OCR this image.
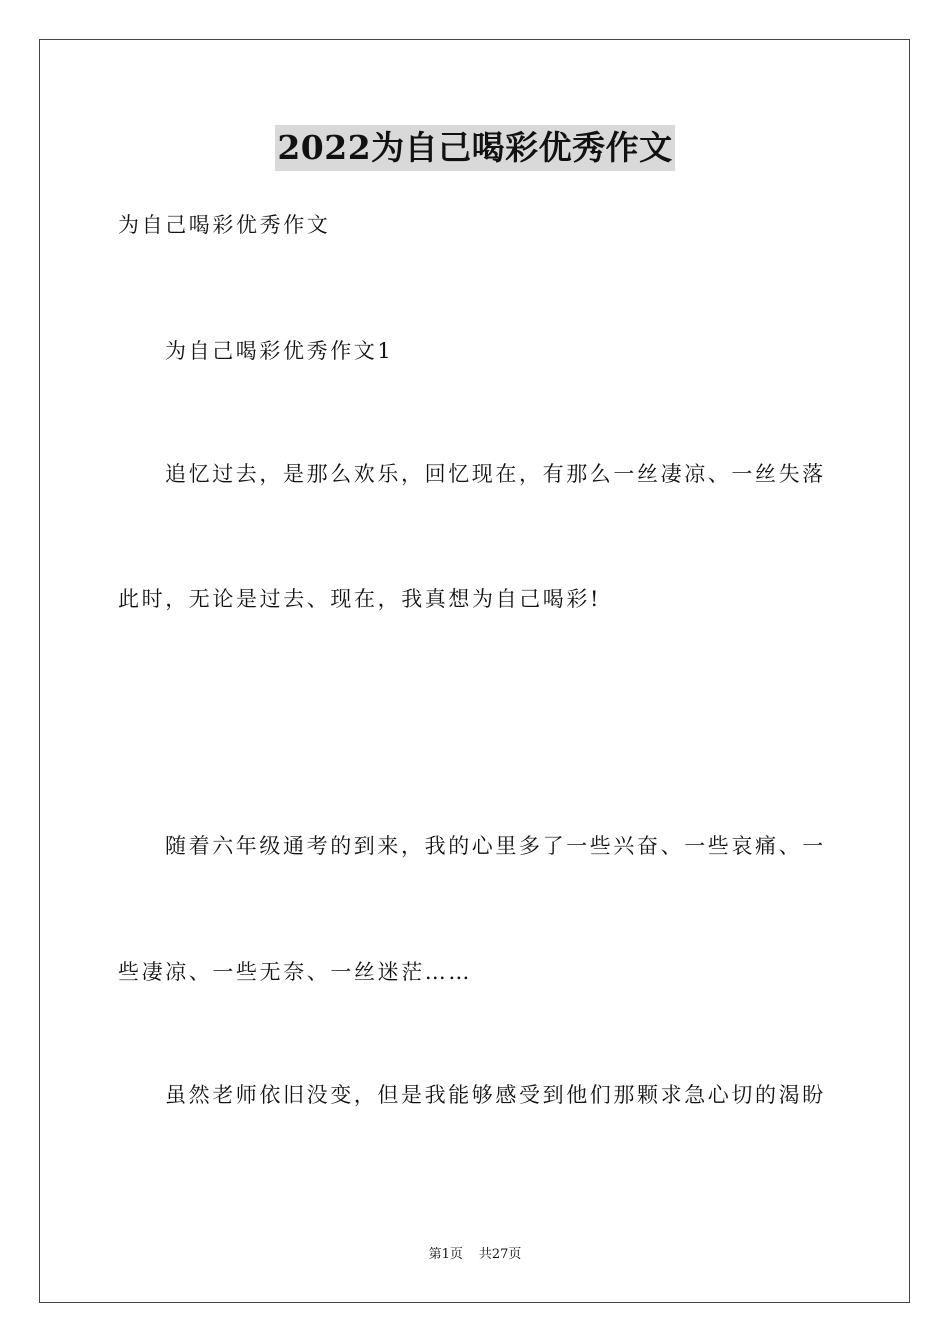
2022为自己喝彩优秀作文
为自己喝彩优秀作文
为自己喝彩优秀作文1
追忆过去，是那么欢乐，回忆现在，有那么一丝凄凉、一丝失落
此时，无论是过去、现在，我真想为自己喝彩!
随着六年级通考的到来，我的心里多了一些兴奋、一些哀痛、一
些凄凉、一些无奈、一丝迷茫……
虽然老师依旧没变，但是我能够感受到他们那颗求急心切的渴盼
第1页 共27页
